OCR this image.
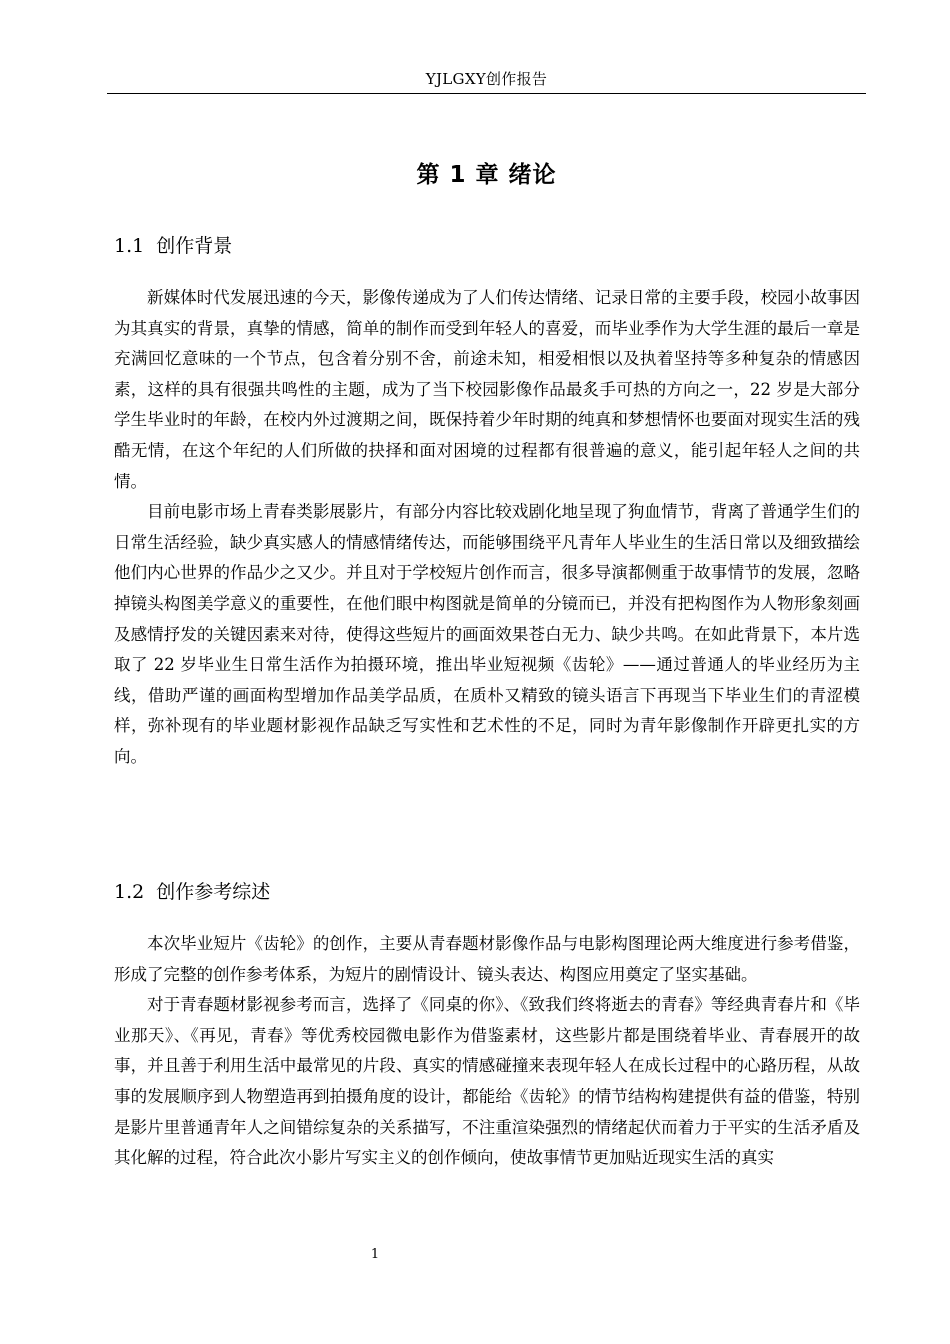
YJLGXY创作报告
第 1 章 绪论
1.1 创作背景

新媒体时代发展迅速的今天，影像传递成为了人们传达情绪、记录日常的主要手段，校园小故事因为其真实的背景，真挚的情感，简单的制作而受到年轻人的喜爱，而毕业季作为大学生涯的最后一章是充满回忆意味的一个节点，包含着分别不舍，前途未知，相爱相恨以及执着坚持等多种复杂的情感因素，这样的具有很强共鸣性的主题，成为了当下校园影像作品最炙手可热的方向之一，22 岁是大部分学生毕业时的年龄，在校内外过渡期之间，既保持着少年时期的纯真和梦想情怀也要面对现实生活的残酷无情，在这个年纪的人们所做的抉择和面对困境的过程都有很普遍的意义，能引起年轻人之间的共情。

目前电影市场上青春类影展影片，有部分内容比较戏剧化地呈现了狗血情节，背离了普通学生们的日常生活经验，缺少真实感人的情感情绪传达，而能够围绕平凡青年人毕业生的生活日常以及细致描绘他们内心世界的作品少之又少。并且对于学校短片创作而言，很多导演都侧重于故事情节的发展，忽略掉镜头构图美学意义的重要性，在他们眼中构图就是简单的分镜而已，并没有把构图作为人物形象刻画及感情抒发的关键因素来对待，使得这些短片的画面效果苍白无力、缺少共鸣。在如此背景下，本片选取了 22 岁毕业生日常生活作为拍摄环境，推出毕业短视频《齿轮》——通过普通人的毕业经历为主线，借助严谨的画面构型增加作品美学品质，在质朴又精致的镜头语言下再现当下毕业生们的青涩模样，弥补现有的毕业题材影视作品缺乏写实性和艺术性的不足，同时为青年影像制作开辟更扎实的方向。

1.2 创作参考综述

本次毕业短片《齿轮》的创作，主要从青春题材影像作品与电影构图理论两大维度进行参考借鉴，形成了完整的创作参考体系，为短片的剧情设计、镜头表达、构图应用奠定了坚实基础。

对于青春题材影视参考而言，选择了《同桌的你》、《致我们终将逝去的青春》等经典青春片和《毕业那天》、《再见，青春》等优秀校园微电影作为借鉴素材，这些影片都是围绕着毕业、青春展开的故事，并且善于利用生活中最常见的片段、真实的情感碰撞来表现年轻人在成长过程中的心路历程，从故事的发展顺序到人物塑造再到拍摄角度的设计，都能给《齿轮》的情节结构构建提供有益的借鉴，特别是影片里普通青年人之间错综复杂的关系描写，不注重渲染强烈的情绪起伏而着力于平实的生活矛盾及其化解的过程，符合此次小影片写实主义的创作倾向，使故事情节更加贴近现实生活的真实

1
